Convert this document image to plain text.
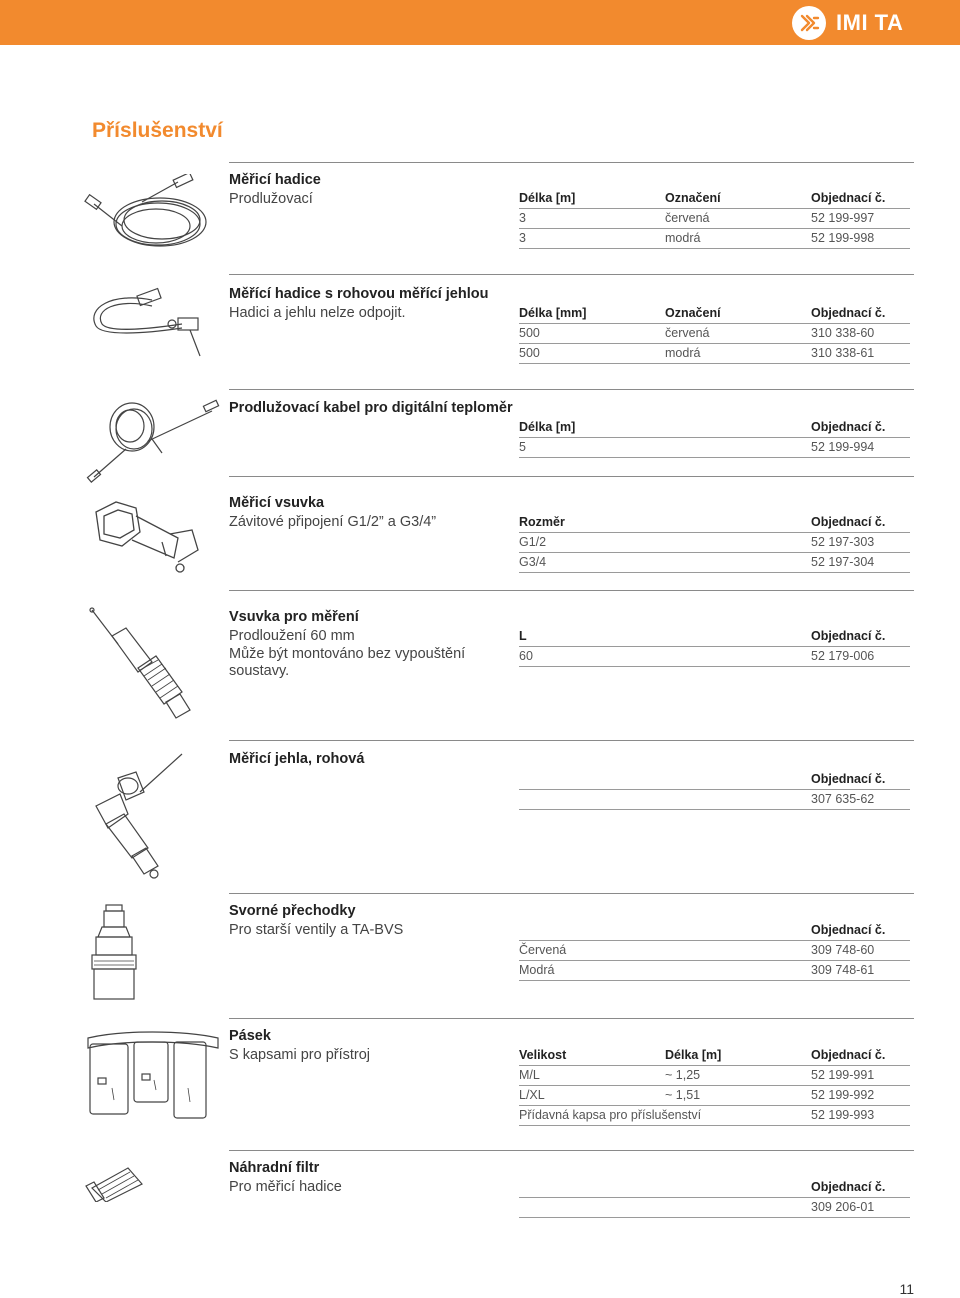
IMI TA
Příslušenství
Měřicí hadice
Prodlužovací	Délka [m]	Označení	Objednací č.
3	červená	52 199-997
3	modrá	52 199-998
Měřící hadice s rohovou měřící jehlou
Hadici a jehlu nelze odpojit.	Délka [mm]	Označení	Objednací č.
500	červená	310 338-60
500	modrá	310 338-61
Prodlužovací kabel pro digitální teploměr
Délka [m]	Objednací č.
5	52 199-994
Měřicí vsuvka
Závitové připojení G1/2” a G3/4”	Rozměr	Objednací č.
G1/2	52 197-303
G3/4	52 197-304
Vsuvka pro měření
Prodloužení 60 mm
Může být montováno bez vypouštění
soustavy.
L	Objednací č.
60	52 179-006
Měřicí jehla, rohová
Objednací č.
307 635-62
Svorné přechodky
Pro starší ventily a TA-BVS	Objednací č.
Červená	309 748-60
Modrá	309 748-61
Pásek
S kapsami pro přístroj	Velikost	Délka [m]	Objednací č.
M/L	~ 1,25	52 199-991
L/XL	~ 1,51	52 199-992
Přídavná kapsa pro příslušenství	52 199-993
Náhradní filtr
Pro měřicí hadice	Objednací č.
309 206-01
11
